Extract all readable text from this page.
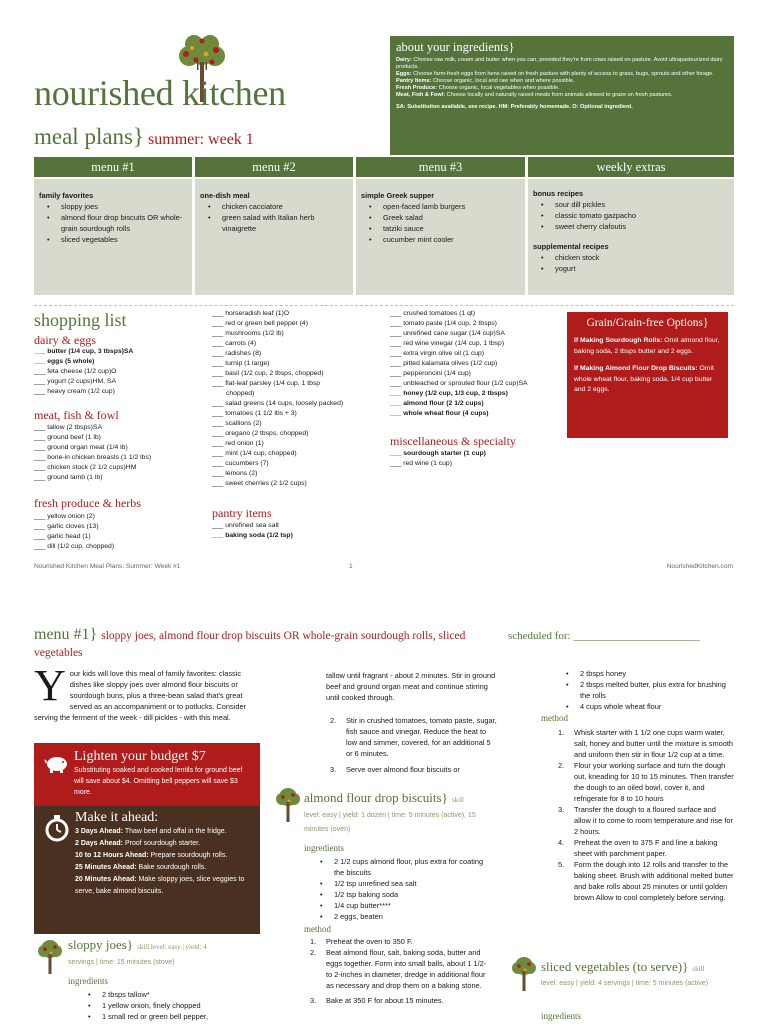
nourished kitchen
meal plans} summer: week 1
about your ingredients}
Dairy: Choose raw milk, cream and butter when you can, provided they're from cows raised on pasture. Avoid ultrapasteurized dairy products.
Eggs: Choose farm-fresh eggs from hens raised on fresh pasture with plenty of access to grass, bugs, sprouts and other forage.
Pantry Items: Choose organic, local and raw when and where possible.
Fresh Produce: Choose organic, local vegetables when possible.
Meat, Fish & Fowl: Choose locally and naturally raised meats from animals allowed to graze on fresh pastures.
SA: Substitution available, see recipe. HM: Preferably homemade. O: Optional ingredient.
menu #1	menu #2	menu #3	weekly extras
family favorites
• sloppy joes
• almond flour drop biscuits OR whole-grain sourdough rolls
• sliced vegetables
one-dish meal
• chicken cacciatore
• green salad with Italian herb vinaigrette
simple Greek supper
• open-faced lamb burgers
• Greek salad
• tatziki sauce
• cucumber mint cooler
bonus recipes
• sour dill pickles
• classic tomato gazpacho
• sweet cherry clafoutis
supplemental recipes
• chicken stock
• yogurt
shopping list
dairy & eggs
___ butter (1/4 cup, 3 tbsps)SA
___ eggs (5 whole)
___ feta cheese (1/2 cup)O
___ yogurt (2 cups)HM, SA
___ heavy cream (1/2 cup)
meat, fish & fowl
___ tallow (2 tbsps)SA
___ ground beef (1 lb)
___ ground organ meat (1/4 lb)
___ bone-in chicken breasts (1 1/2 lbs)
___ chicken stock (2 1/2 cups)HM
___ ground lamb (1 lb)
fresh produce & herbs
___ yellow onion (2)
___ garlic cloves (13)
___ garlic head (1)
___ dill (1/2 cup, chopped)
___ horseradish leaf (1)O
___ red or green bell pepper (4)
___ mushrooms (1/2 lb)
___ carrots (4)
___ radishes (8)
___ turnip (1 large)
___ basil (1/2 cup, 2 tbsps, chopped)
___ flat-leaf parsley (1/4 cup, 1 tbsp
chopped)
___ salad greens (14 cups, loosely packed)
___ tomatoes (1 1/2 lbs + 3)
___ scallions (2)
___ oregano (2 tbsps, chopped)
___ red onion (1)
___ mint (1/4 cup, chopped)
___ cucumbers (7)
___ lemons (2)
___ sweet cherries (2 1/2 cups)
pantry items
___ unrefined sea salt
___ baking soda (1/2 tsp)
___ crushed tomatoes (1 qt)
___ tomato paste (1/4 cup, 2 tbsps)
___ unrefined cane sugar (1/4 cup)SA
___ red wine vinegar (1/4 cup, 1 tbsp)
___ extra virgin olive oil (1 cup)
___ pitted kalamata olives (1/2 cup)
___ pepperoncini (1/4 cup)
___ unbleached or sprouted flour (1/2 cup)SA
___ honey (1/2 cup, 1/3 cup, 2 tbsps)
___ almond flour (2 1/2 cups)
___ whole wheat flour (4 cups)
miscellaneous & specialty
___ sourdough starter (1 cup)
___ red wine (1 cup)
Grain/Grain-free Options}
If Making Sourdough Rolls: Omit almond flour, baking soda, 2 tbsps butter and 2 eggs.
If Making Almond Flour Drop Biscuits: Omit whole wheat flour, baking soda, 1/4 cup butter and 2 eggs.
Nourished Kitchen Meal Plans: Summer: Week #1	1	NourishedKitchen.com
menu #1} sloppy joes, almond flour drop biscuits OR whole-grain sourdough rolls, sliced vegetables
scheduled for: _______________________
Your kids will love this meal of family favorites: classic dishes like sloppy joes over almond flour biscuits or sourdough buns, plus a three-bean salad that's great served as an accompaniment or to potlucks. Consider serving the ferment of the week - dill pickles - with this meal.
Lighten your budget $7
Substituting soaked and cooked lentils for ground beef will save about $4. Omitting bell peppers will save $3 more.
Make it ahead:
3 Days Ahead: Thaw beef and offal in the fridge.
2 Days Ahead: Proof sourdough starter.
10 to 12 Hours Ahead: Prepare sourdough rolls.
25 Minutes Ahead: Bake sourdough rolls.
20 Minutes Ahead: Make sloppy joes, slice veggies to serve, bake almond biscuits.
sloppy joes} skill level: easy | yield: 4
servings | time: 15 minutes (stove)
ingredients
• 2 tbsps tallow*
• 1 yellow onion, finely chopped
• 1 small red or green bell pepper,
tallow until fragrant - about 2 minutes. Stir in ground beef and ground organ meat and continue stirring until cooked through.
Stir in crushed tomatoes, tomato paste, sugar, fish sauce and vinegar. Reduce the heat to low and simmer, covered, for an additional 5 or 6 minutes.
Serve over almond flour biscuits or
almond flour drop biscuits} skill
level: easy | yield: 1 dozen | time: 5 minutes (active), 15 minutes (oven)
ingredients
• 2 1/2 cups almond flour, plus extra for coating the biscuits
• 1/2 tsp unrefined sea salt
• 1/2 tsp baking soda
• 1/4 cup butter****
• 2 eggs, beaten
method
Preheat the oven to 350 F.
Beat almond flour, salt, baking soda, butter and eggs together. Form into small balls, about 1 1/2- to 2-inches in diameter, dredge in additional flour as necessary and drop them on a baking stone.
Bake at 350 F for about 15 minutes.
• 2 tbsps honey
• 2 tbsps melted butter, plus extra for brushing the rolls
• 4 cups whole wheat flour
method
Whisk starter with 1 1/2 one cups warm water, salt, honey and butter until the mixture is smooth and uniform then stir in flour 1/2 cup at a time.
Flour your working surface and turn the dough out, kneading for 10 to 15 minutes. Then transfer the dough to an oiled bowl, cover it, and refrigerate for 8 to 10 hours
Transfer the dough to a floured surface and allow it to come to room temperature and rise for 2 hours.
Preheat the oven to 375 F and line a baking sheet with parchment paper.
Form the dough into 12 rolls and transfer to the baking sheet. Brush with additional melted butter and bake rolls about 25 minutes or until golden brown Allow to cool completely before serving.
sliced vegetables (to serve)} skill
level: easy | yield: 4 servings | time: 5 minutes (active)
ingredients
